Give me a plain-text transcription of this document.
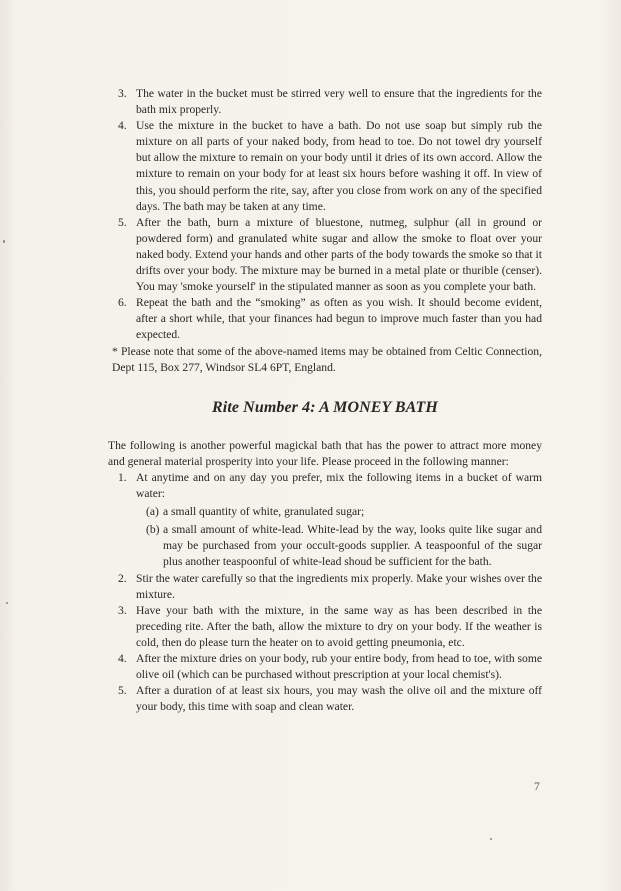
3. The water in the bucket must be stirred very well to ensure that the ingredients for the bath mix properly.
4. Use the mixture in the bucket to have a bath. Do not use soap but simply rub the mixture on all parts of your naked body, from head to toe. Do not towel dry yourself but allow the mixture to remain on your body until it dries of its own accord. Allow the mixture to remain on your body for at least six hours before washing it off. In view of this, you should perform the rite, say, after you close from work on any of the specified days. The bath may be taken at any time.
5. After the bath, burn a mixture of bluestone, nutmeg, sulphur (all in ground or powdered form) and granulated white sugar and allow the smoke to float over your naked body. Extend your hands and other parts of the body towards the smoke so that it drifts over your body. The mixture may be burned in a metal plate or thurible (censer). You may 'smoke yourself' in the stipulated manner as soon as you complete your bath.
6. Repeat the bath and the “smoking” as often as you wish. It should become evident, after a short while, that your finances had begun to improve much faster than you had expected.

* Please note that some of the above-named items may be obtained from Celtic Connection, Dept 115, Box 277, Windsor SL4 6PT, England.

Rite Number 4: A MONEY BATH

The following is another powerful magickal bath that has the power to attract more money and general material prosperity into your life. Please proceed in the following manner:

1. At anytime and on any day you prefer, mix the following items in a bucket of warm water:
(a) a small quantity of white, granulated sugar;
(b) a small amount of white-lead. White-lead by the way, looks quite like sugar and may be purchased from your occult-goods supplier. A teaspoonful of the sugar plus another teaspoonful of white-lead shoud be sufficient for the bath.
2. Stir the water carefully so that the ingredients mix properly. Make your wishes over the mixture.
3. Have your bath with the mixture, in the same way as has been described in the preceding rite. After the bath, allow the mixture to dry on your body. If the weather is cold, then do please turn the heater on to avoid getting pneumonia, etc.
4. After the mixture dries on your body, rub your entire body, from head to toe, with some olive oil (which can be purchased without prescription at your local chemist's).
5. After a duration of at least six hours, you may wash the olive oil and the mixture off your body, this time with soap and clean water.
7
